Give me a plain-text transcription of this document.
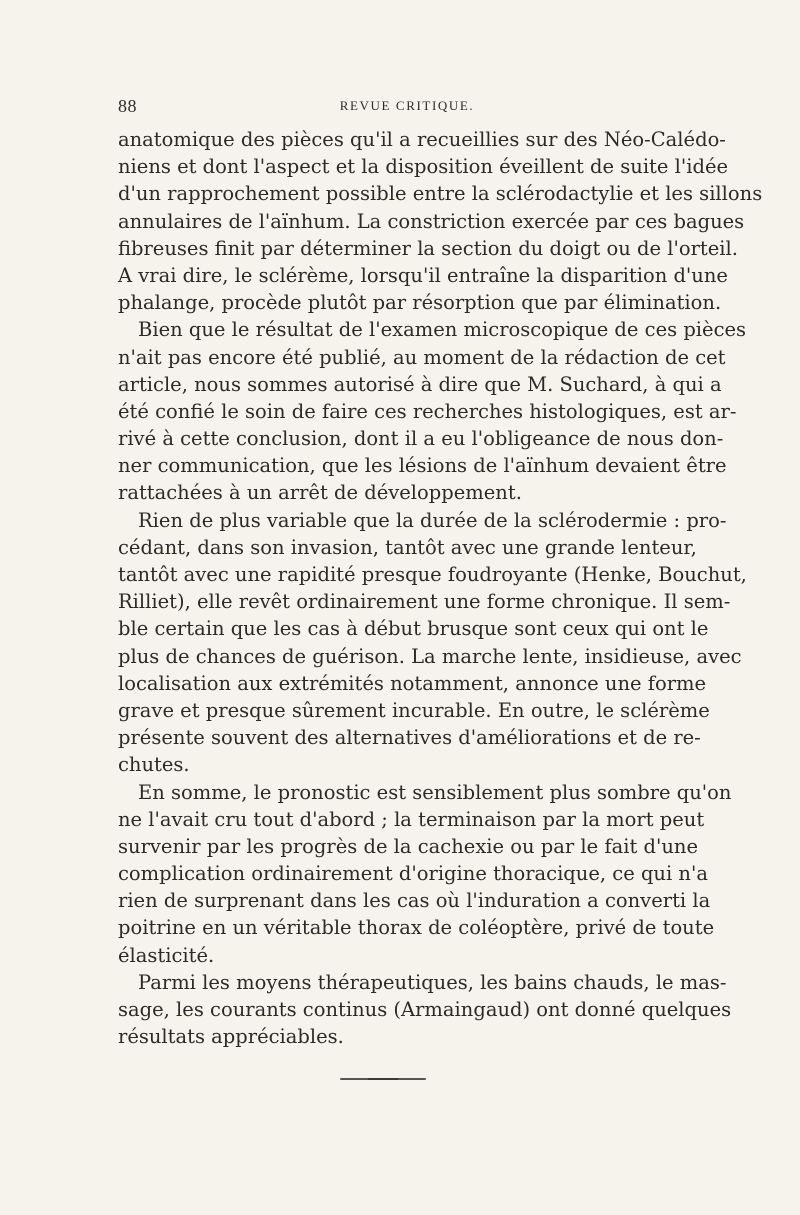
88	REVUE CRITIQUE.
anatomique des pièces qu'il a recueillies sur des Néo-Calédo-
niens et dont l'aspect et la disposition éveillent de suite l'idée
d'un rapprochement possible entre la sclérodactylie et les sillons
annulaires de l'aïnhum. La constriction exercée par ces bagues
fibreuses finit par déterminer la section du doigt ou de l'orteil.
A vrai dire, le sclérème, lorsqu'il entraîne la disparition d'une
phalange, procède plutôt par résorption que par élimination.
Bien que le résultat de l'examen microscopique de ces pièces
n'ait pas encore été publié, au moment de la rédaction de cet
article, nous sommes autorisé à dire que M. Suchard, à qui a
été confié le soin de faire ces recherches histologiques, est ar-
rivé à cette conclusion, dont il a eu l'obligeance de nous don-
ner communication, que les lésions de l'aïnhum devaient être
rattachées à un arrêt de développement.
Rien de plus variable que la durée de la sclérodermie : pro-
cédant, dans son invasion, tantôt avec une grande lenteur,
tantôt avec une rapidité presque foudroyante (Henke, Bouchut,
Rilliet), elle revêt ordinairement une forme chronique. Il sem-
ble certain que les cas à début brusque sont ceux qui ont le
plus de chances de guérison. La marche lente, insidieuse, avec
localisation aux extrémités notamment, annonce une forme
grave et presque sûrement incurable. En outre, le sclérème
présente souvent des alternatives d'améliorations et de re-
chutes.
En somme, le pronostic est sensiblement plus sombre qu'on
ne l'avait cru tout d'abord ; la terminaison par la mort peut
survenir par les progrès de la cachexie ou par le fait d'une
complication ordinairement d'origine thoracique, ce qui n'a
rien de surprenant dans les cas où l'induration a converti la
poitrine en un véritable thorax de coléoptère, privé de toute
élasticité.
Parmi les moyens thérapeutiques, les bains chauds, le mas-
sage, les courants continus (Armaingaud) ont donné quelques
résultats appréciables.
